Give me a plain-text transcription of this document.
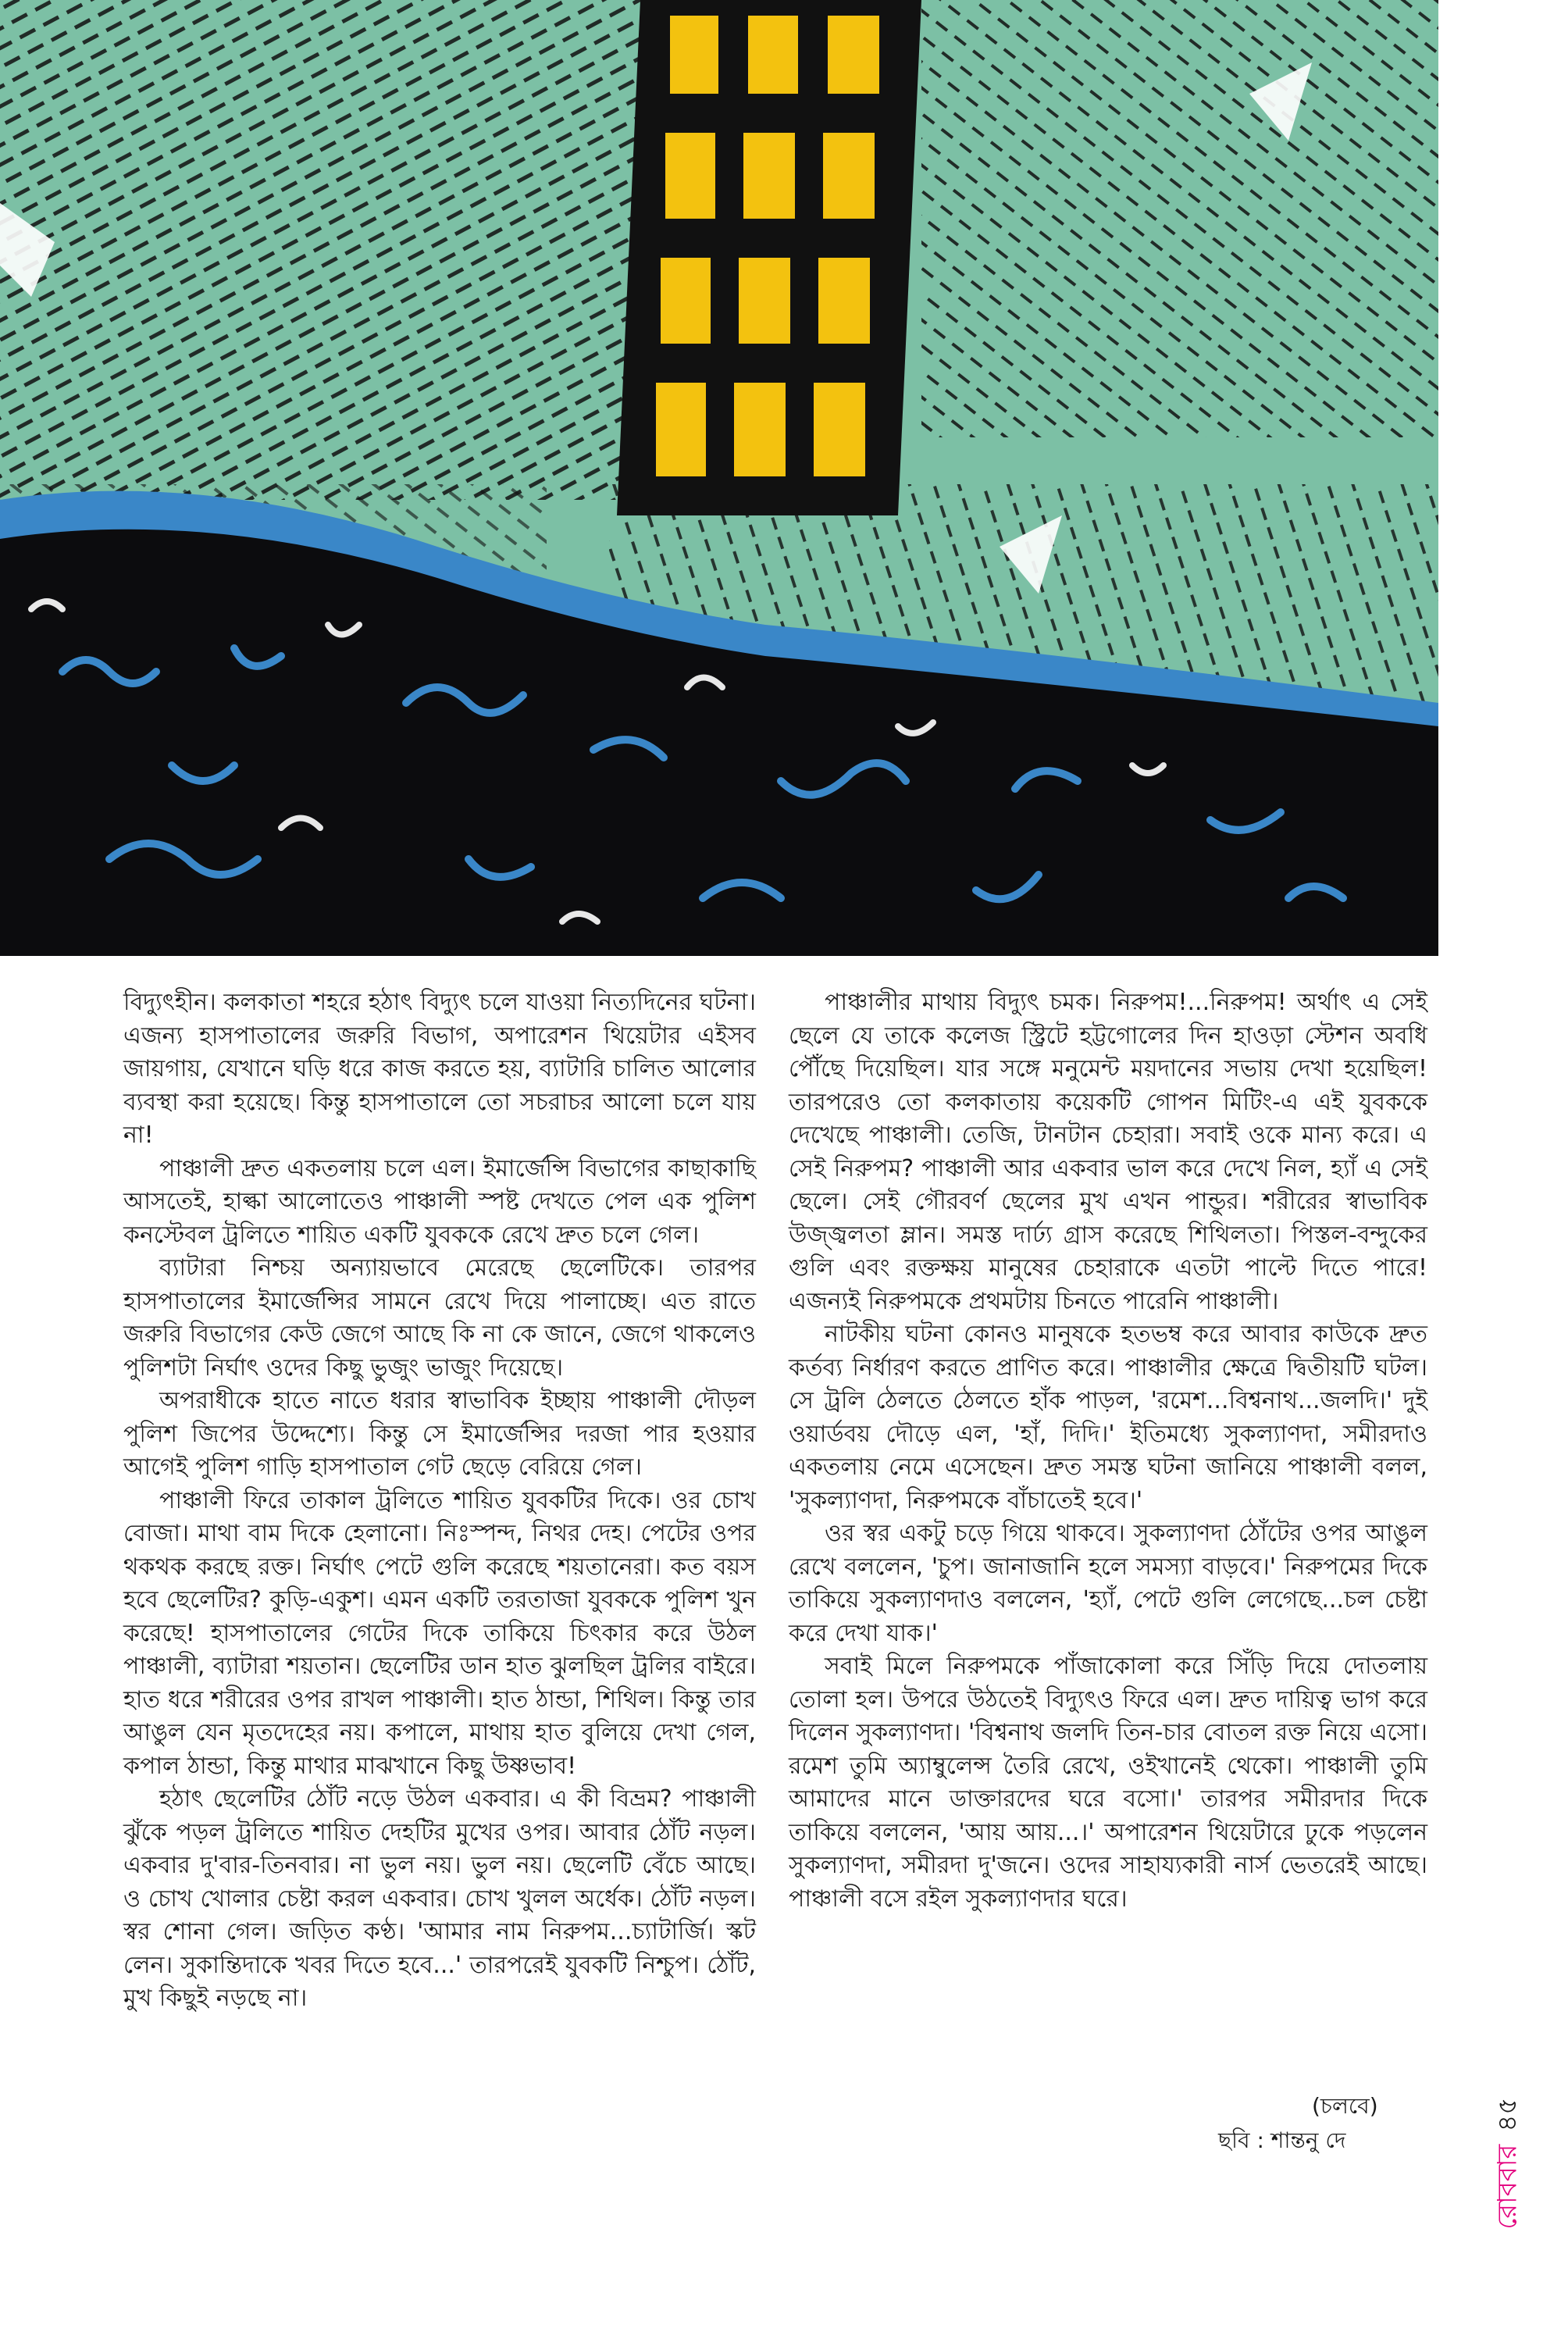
বিদ্যুৎহীন। কলকাতা শহরে হঠাৎ বিদ্যুৎ চলে যাওয়া নিত্যদিনের ঘটনা। এজন্য হাসপাতালের জরুরি বিভাগ, অপারেশন থিয়েটার এইসব জায়গায়, যেখানে ঘড়ি ধরে কাজ করতে হয়, ব্যাটারি চালিত আলোর ব্যবস্থা করা হয়েছে। কিন্তু হাসপাতালে তো সচরাচর আলো চলে যায় না!

পাঞ্চালী দ্রুত একতলায় চলে এল। ইমার্জেন্সি বিভাগের কাছাকাছি আসতেই, হাল্কা আলোতেও পাঞ্চালী স্পষ্ট দেখতে পেল এক পুলিশ কনস্টেবল ট্রলিতে শায়িত একটি যুবককে রেখে দ্রুত চলে গেল।

ব্যাটারা নিশ্চয় অন্যায়ভাবে মেরেছে ছেলেটিকে। তারপর হাসপাতালের ইমার্জেন্সির সামনে রেখে দিয়ে পালাচ্ছে। এত রাতে জরুরি বিভাগের কেউ জেগে আছে কি না কে জানে, জেগে থাকলেও পুলিশটা নির্ঘাৎ ওদের কিছু ভুজুং ভাজুং দিয়েছে।

অপরাধীকে হাতে নাতে ধরার স্বাভাবিক ইচ্ছায় পাঞ্চালী দৌড়ল পুলিশ জিপের উদ্দেশ্যে। কিন্তু সে ইমার্জেন্সির দরজা পার হওয়ার আগেই পুলিশ গাড়ি হাসপাতাল গেট ছেড়ে বেরিয়ে গেল।

পাঞ্চালী ফিরে তাকাল ট্রলিতে শায়িত যুবকটির দিকে। ওর চোখ বোজা। মাথা বাম দিকে হেলানো। নিঃস্পন্দ, নিথর দেহ। পেটের ওপর থকথক করছে রক্ত। নির্ঘাৎ পেটে গুলি করেছে শয়তানেরা। কত বয়স হবে ছেলেটির? কুড়ি-একুশ। এমন একটি তরতাজা যুবককে পুলিশ খুন করেছে! হাসপাতালের গেটের দিকে তাকিয়ে চিৎকার করে উঠল পাঞ্চালী, ব্যাটারা শয়তান। ছেলেটির ডান হাত ঝুলছিল ট্রলির বাইরে। হাত ধরে শরীরের ওপর রাখল পাঞ্চালী। হাত ঠান্ডা, শিথিল। কিন্তু তার আঙুল যেন মৃতদেহের নয়। কপালে, মাথায় হাত বুলিয়ে দেখা গেল, কপাল ঠান্ডা, কিন্তু মাথার মাঝখানে কিছু উষ্ণভাব!

হঠাৎ ছেলেটির ঠোঁট নড়ে উঠল একবার। এ কী বিভ্রম? পাঞ্চালী ঝুঁকে পড়ল ট্রলিতে শায়িত দেহটির মুখের ওপর। আবার ঠোঁট নড়ল। একবার দু'বার-তিনবার। না ভুল নয়। ভুল নয়। ছেলেটি বেঁচে আছে। ও চোখ খোলার চেষ্টা করল একবার। চোখ খুলল অর্ধেক। ঠোঁট নড়ল। স্বর শোনা গেল। জড়িত কণ্ঠ। 'আমার নাম নিরুপম...চ্যাটার্জি। স্কট লেন। সুকান্তিদাকে খবর দিতে হবে...' তারপরেই যুবকটি নিশ্চুপ। ঠোঁট, মুখ কিছুই নড়ছে না।

পাঞ্চালীর মাথায় বিদ্যুৎ চমক। নিরুপম!...নিরুপম! অর্থাৎ এ সেই ছেলে যে তাকে কলেজ স্ট্রিটে হট্টগোলের দিন হাওড়া স্টেশন অবধি পৌঁছে দিয়েছিল। যার সঙ্গে মনুমেন্ট ময়দানের সভায় দেখা হয়েছিল! তারপরেও তো কলকাতায় কয়েকটি গোপন মিটিং-এ এই যুবককে দেখেছে পাঞ্চালী। তেজি, টানটান চেহারা। সবাই ওকে মান্য করে। এ সেই নিরুপম? পাঞ্চালী আর একবার ভাল করে দেখে নিল, হ্যাঁ এ সেই ছেলে। সেই গৌরবর্ণ ছেলের মুখ এখন পান্ডুর। শরীরের স্বাভাবিক উজ্জ্বলতা ম্লান। সমস্ত দার্ঢ্য গ্রাস করেছে শিথিলতা। পিস্তল-বন্দুকের গুলি এবং রক্তক্ষয় মানুষের চেহারাকে এতটা পাল্টে দিতে পারে! এজন্যই নিরুপমকে প্রথমটায় চিনতে পারেনি পাঞ্চালী।

নাটকীয় ঘটনা কোনও মানুষকে হতভম্ব করে আবার কাউকে দ্রুত কর্তব্য নির্ধারণ করতে প্রাণিত করে। পাঞ্চালীর ক্ষেত্রে দ্বিতীয়টি ঘটল। সে ট্রলি ঠেলতে ঠেলতে হাঁক পাড়ল, 'রমেশ...বিশ্বনাথ...জলদি।' দুই ওয়ার্ডবয় দৌড়ে এল, 'হাঁ, দিদি।' ইতিমধ্যে সুকল্যাণদা, সমীরদাও একতলায় নেমে এসেছেন। দ্রুত সমস্ত ঘটনা জানিয়ে পাঞ্চালী বলল, 'সুকল্যাণদা, নিরুপমকে বাঁচাতেই হবে।'

ওর স্বর একটু চড়ে গিয়ে থাকবে। সুকল্যাণদা ঠোঁটের ওপর আঙুল রেখে বললেন, 'চুপ। জানাজানি হলে সমস্যা বাড়বে।' নিরুপমের দিকে তাকিয়ে সুকল্যাণদাও বললেন, 'হ্যাঁ, পেটে গুলি লেগেছে...চল চেষ্টা করে দেখা যাক।'

সবাই মিলে নিরুপমকে পাঁজাকোলা করে সিঁড়ি দিয়ে দোতলায় তোলা হল। উপরে উঠতেই বিদ্যুৎও ফিরে এল। দ্রুত দায়িত্ব ভাগ করে দিলেন সুকল্যাণদা। 'বিশ্বনাথ জলদি তিন-চার বোতল রক্ত নিয়ে এসো। রমেশ তুমি অ্যাম্বুলেন্স তৈরি রেখে, ওইখানেই থেকো। পাঞ্চালী তুমি আমাদের মানে ডাক্তারদের ঘরে বসো।' তারপর সমীরদার দিকে তাকিয়ে বললেন, 'আয় আয়...।' অপারেশন থিয়েটারে ঢুকে পড়লেন সুকল্যাণদা, সমীরদা দু'জনে। ওদের সাহায্যকারী নার্স ভেতরেই আছে। পাঞ্চালী বসে রইল সুকল্যাণদার ঘরে।

(চলবে)
ছবি : শান্তনু দে
রোববার৪৫
